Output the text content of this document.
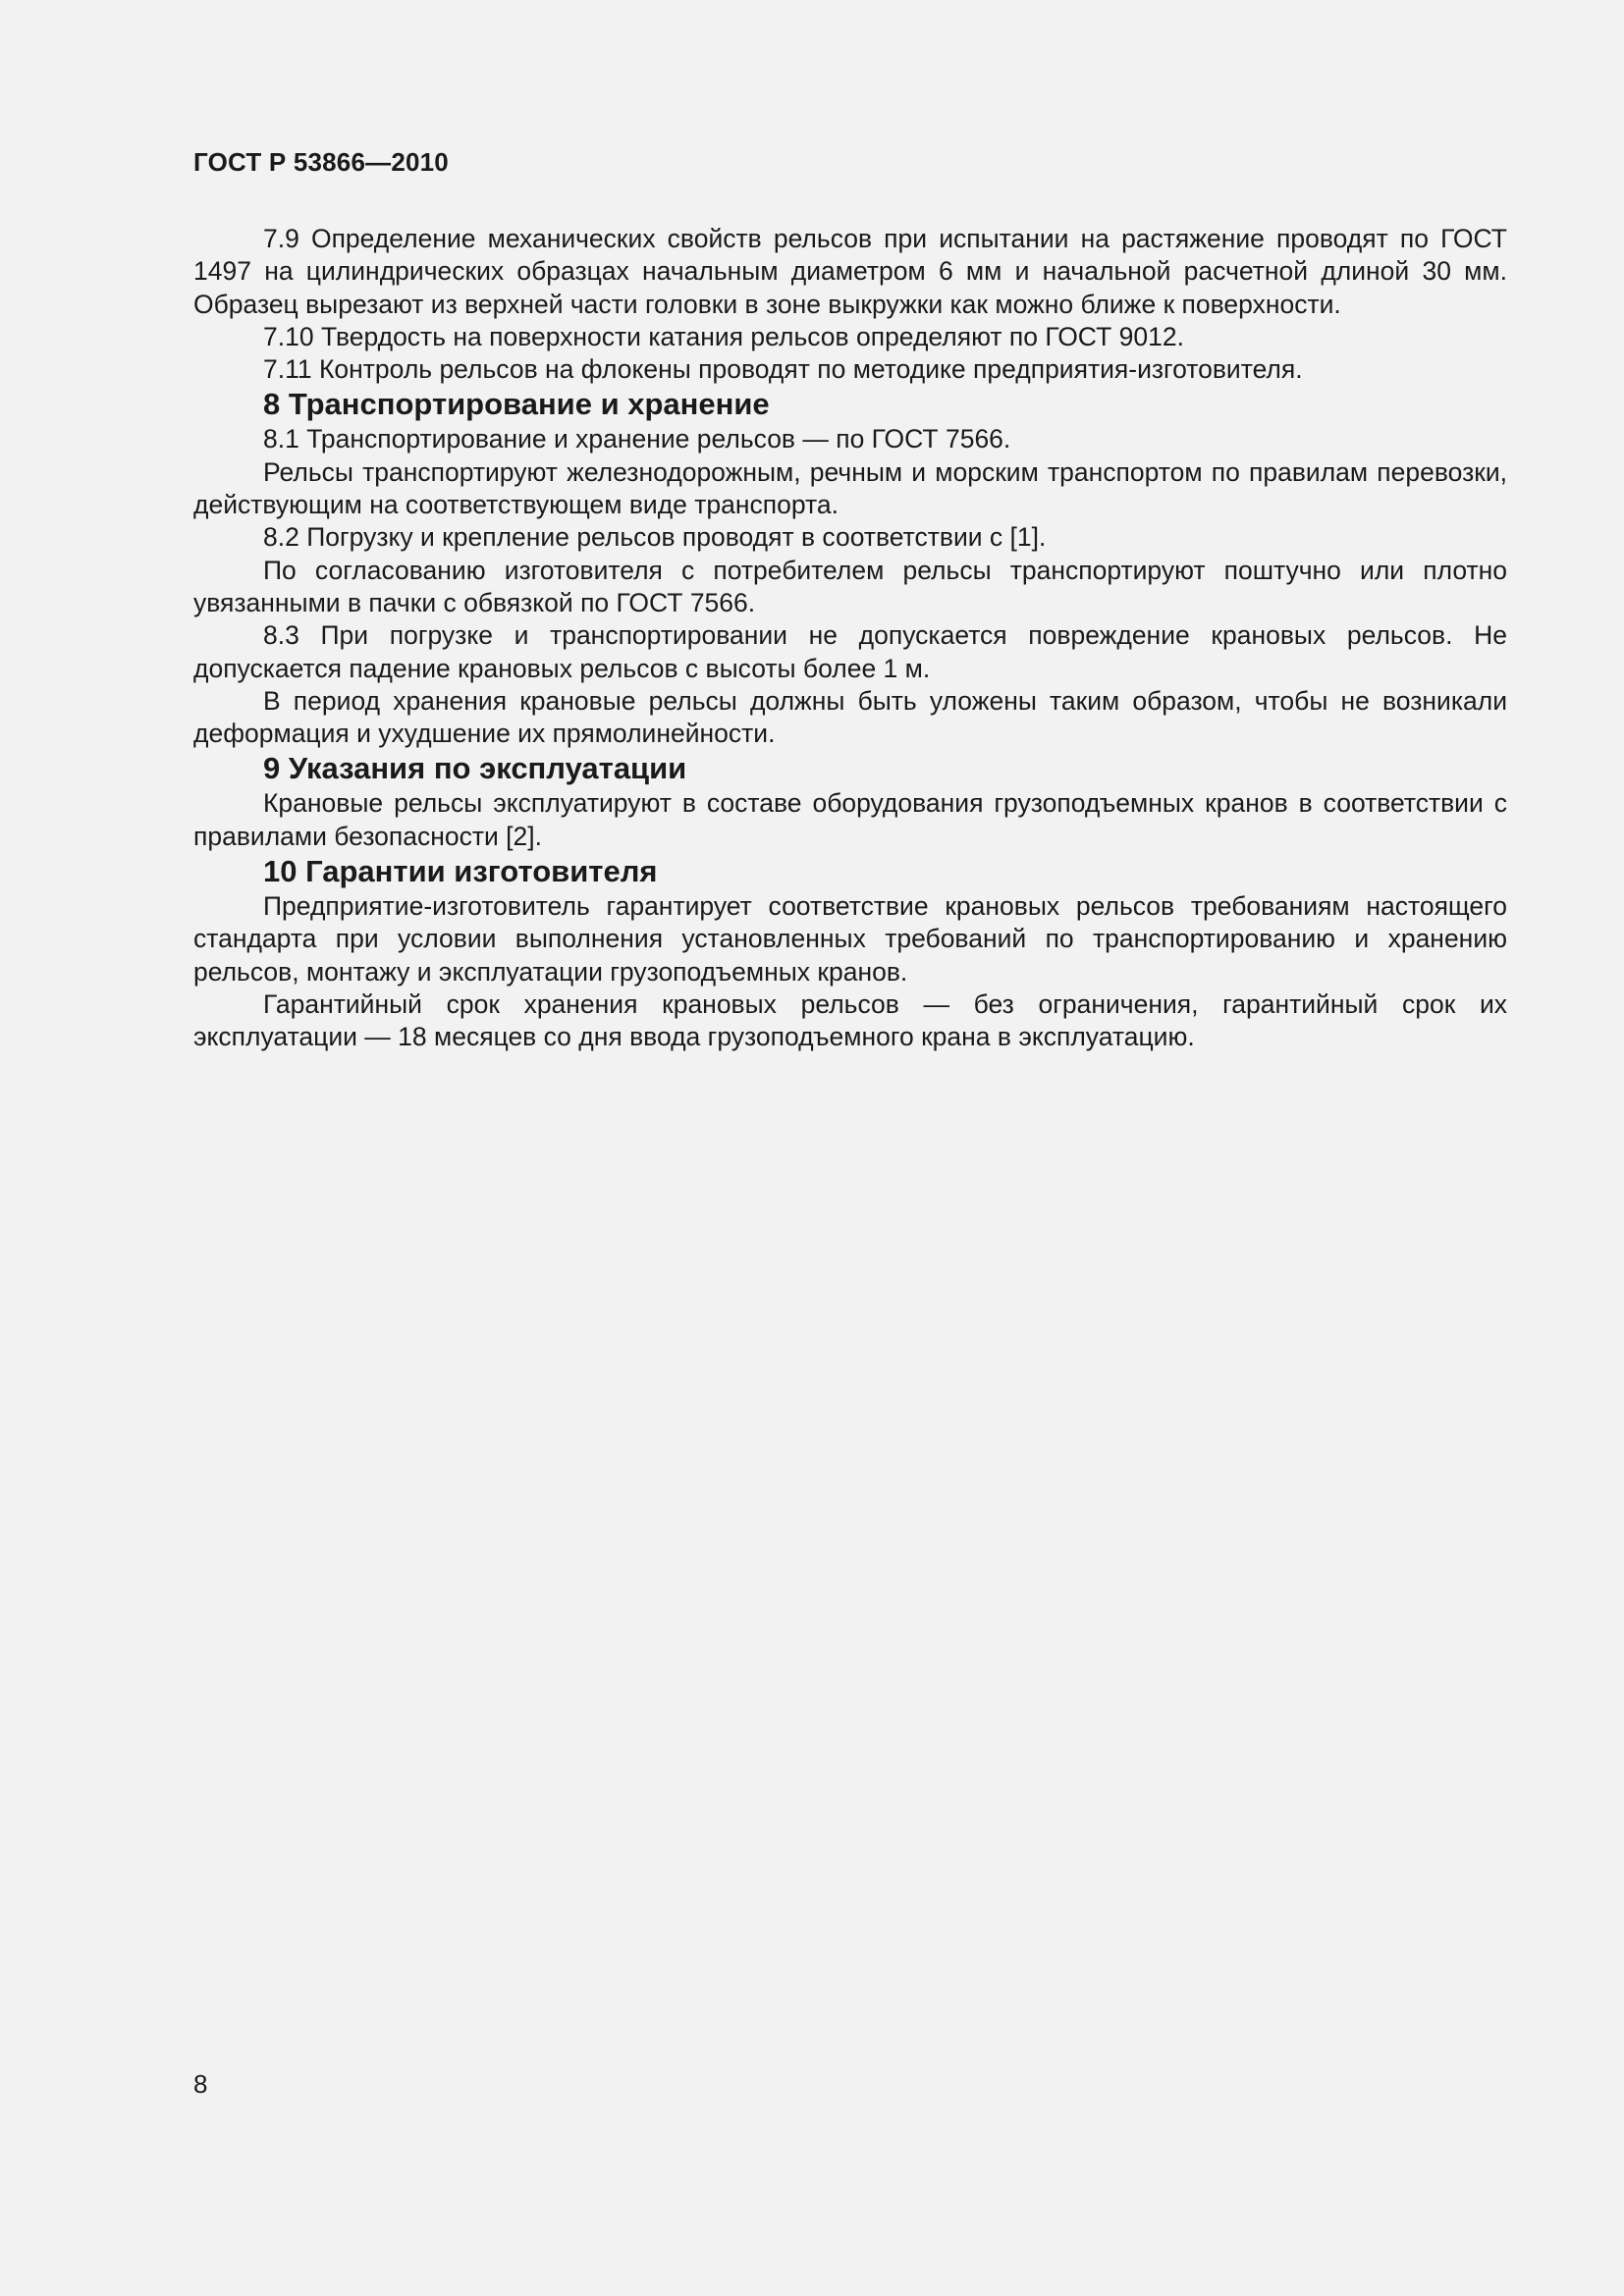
ГОСТ Р 53866—2010

7.9 Определение механических свойств рельсов при испытании на растяжение проводят по ГОСТ 1497 на цилиндрических образцах начальным диаметром 6 мм и начальной расчетной длиной 30 мм. Образец вырезают из верхней части головки в зоне выкружки как можно ближе к поверхности.

7.10 Твердость на поверхности катания рельсов определяют по ГОСТ 9012.

7.11 Контроль рельсов на флокены проводят по методике предприятия-изготовителя.

8 Транспортирование и хранение

8.1 Транспортирование и хранение рельсов — по ГОСТ 7566.

Рельсы транспортируют железнодорожным, речным и морским транспортом по правилам перевозки, действующим на соответствующем виде транспорта.

8.2 Погрузку и крепление рельсов проводят в соответствии с [1].

По согласованию изготовителя с потребителем рельсы транспортируют поштучно или плотно увязанными в пачки с обвязкой по ГОСТ 7566.

8.3 При погрузке и транспортировании не допускается повреждение крановых рельсов. Не допускается падение крановых рельсов с высоты более 1 м.

В период хранения крановые рельсы должны быть уложены таким образом, чтобы не возникали деформация и ухудшение их прямолинейности.

9 Указания по эксплуатации

Крановые рельсы эксплуатируют в составе оборудования грузоподъемных кранов в соответствии с правилами безопасности [2].

10 Гарантии изготовителя

Предприятие-изготовитель гарантирует соответствие крановых рельсов требованиям настоящего стандарта при условии выполнения установленных требований по транспортированию и хранению рельсов, монтажу и эксплуатации грузоподъемных кранов.

Гарантийный срок хранения крановых рельсов — без ограничения, гарантийный срок их эксплуатации — 18 месяцев со дня ввода грузоподъемного крана в эксплуатацию.

8
